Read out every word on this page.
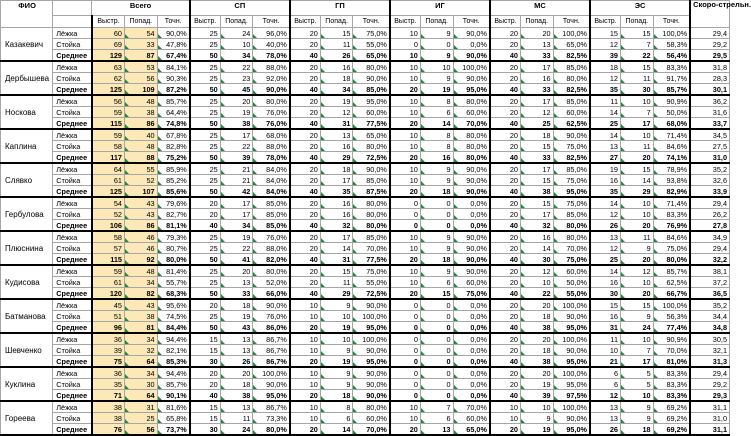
ФИО		Всего			СП			ГП			ИГ			МС			ЭС			Скоро-стрельн.
		Выстр.	Попад.	Точн.	Выстр.	Попад.	Точн.	Выстр.	Попад.	Точн.	Выстр.	Попад.	Точн.	Выстр.	Попад.	Точн.	Выстр.	Попад.	Точн.	
Казакевич	Лёжка	60	54	90,0%	25	24	96,0%	20	15	75,0%	10	9	90,0%	20	20	100,0%	15	15	100,0%	29,4
	Стойка	69	33	47,8%	25	10	40,0%	20	11	55,0%	0	0	0,0%	20	13	65,0%	12	7	58,3%	29,2
	Среднее	129	87	67,4%	50	34	78,0%	40	26	65,0%	10	9	90,0%	40	33	82,5%	39	22	56,4%	29,5
Дербышева	Лёжка	63	53	84,1%	25	22	88,0%	20	16	80,0%	10	10	100,0%	20	17	85,0%	18	15	83,3%	31,8
	Стойка	62	56	90,3%	25	23	92,0%	20	18	90,0%	10	9	90,0%	20	16	80,0%	12	11	91,7%	28,3
	Среднее	125	109	87,2%	50	45	90,0%	40	34	85,0%	20	19	95,0%	40	33	82,5%	35	30	85,7%	30,1
Носкова	Лёжка	56	48	85,7%	25	20	80,0%	20	19	95,0%	10	8	80,0%	20	17	85,0%	11	10	90,9%	36,2
	Стойка	59	38	64,4%	25	19	76,0%	20	12	60,0%	10	6	60,0%	20	12	60,0%	14	7	50,0%	31,6
	Среднее	115	86	74,8%	50	38	76,0%	40	31	77,5%	20	14	70,0%	40	25	62,5%	25	17	68,0%	33,7
Каплина	Лёжка	59	40	67,8%	25	17	68,0%	20	13	65,0%	10	8	80,0%	20	18	90,0%	14	10	71,4%	34,5
	Стойка	58	48	82,8%	25	22	88,0%	20	16	80,0%	10	8	80,0%	20	15	75,0%	13	11	84,6%	27,5
	Среднее	117	88	75,2%	50	39	78,0%	40	29	72,5%	20	16	80,0%	40	33	82,5%	27	20	74,1%	31,0
Слявко	Лёжка	64	55	85,9%	25	21	84,0%	20	18	90,0%	10	9	90,0%	20	17	85,0%	19	15	78,9%	35,2
	Стойка	61	52	85,2%	25	21	84,0%	20	17	85,0%	10	9	90,0%	20	15	75,0%	16	14	93,8%	32,6
	Среднее	125	107	85,6%	50	42	84,0%	40	35	87,5%	20	18	90,0%	40	38	95,0%	35	29	82,9%	33,9
Гербулова	Лёжка	54	43	79,6%	20	17	85,0%	20	16	80,0%	0	0	0,0%	20	15	75,0%	14	10	71,4%	29,4
	Стойка	52	43	82,7%	20	17	85,0%	20	16	80,0%	0	0	0,0%	20	17	85,0%	12	10	83,3%	26,2
	Среднее	106	86	81,1%	40	34	85,0%	40	32	80,0%	0	0	0,0%	40	32	80,0%	26	20	76,9%	27,8
Плюснина	Лёжка	58	46	79,3%	25	19	76,0%	20	17	85,0%	10	9	90,0%	20	16	80,0%	13	11	84,6%	34,9
	Стойка	57	46	80,7%	25	22	88,0%	20	14	70,0%	10	9	90,0%	20	14	70,0%	12	9	75,0%	29,4
	Среднее	115	92	80,0%	50	41	82,0%	40	31	77,5%	20	18	90,0%	40	30	75,0%	25	20	80,0%	32,2
Кудисова	Лёжка	59	48	81,4%	25	20	80,0%	20	15	75,0%	10	9	90,0%	20	12	60,0%	14	12	85,7%	38,1
	Стойка	61	34	55,7%	25	13	52,0%	20	11	55,0%	10	6	60,0%	20	10	50,0%	16	10	62,5%	37,2
	Среднее	120	82	68,3%	50	33	66,0%	40	29	72,5%	20	15	75,0%	40	22	55,0%	30	20	66,7%	36,5
Батманова	Лёжка	45	43	95,6%	20	18	90,0%	10	9	90,0%	0	0	0,0%	20	20	100,0%	15	15	100,0%	35,2
	Стойка	51	38	74,5%	25	19	76,0%	10	10	100,0%	0	0	0,0%	20	18	90,0%	16	9	56,3%	34,4
	Среднее	96	81	84,4%	50	43	86,0%	20	19	95,0%	0	0	0,0%	40	38	95,0%	31	24	77,4%	34,8
Шевченко	Лёжка	36	34	94,4%	15	13	86,7%	10	10	100,0%	0	0	0,0%	20	20	100,0%	11	10	90,9%	30,5
	Стойка	39	32	82,1%	15	13	86,7%	10	9	90,0%	0	0	0,0%	20	18	90,0%	10	7	70,0%	32,1
	Среднее	75	64	85,3%	30	26	86,7%	20	19	95,0%	0	0	0,0%	40	38	95,0%	21	17	81,0%	31,3
Куклина	Лёжка	36	34	94,4%	20	20	100,0%	10	9	90,0%	0	0	0,0%	20	20	100,0%	6	5	83,3%	29,4
	Стойка	35	30	85,7%	20	18	90,0%	10	9	90,0%	0	0	0,0%	20	19	95,0%	6	5	83,3%	29,2
	Среднее	71	64	90,1%	40	38	95,0%	20	18	90,0%	0	0	0,0%	40	39	97,5%	12	10	83,3%	29,3
Гореева	Лёжка	38	31	81,6%	15	13	86,7%	10	8	80,0%	10	7	70,0%	10	10	100,0%	13	9	69,2%	31,1
	Стойка	38	25	65,8%	15	11	73,3%	10	6	60,0%	10	6	60,0%	10	9	90,0%	13	9	69,2%	31,0
	Среднее	76	56	73,7%	30	24	80,0%	20	14	70,0%	20	13	65,0%	20	19	95,0%	26	18	69,2%	31,1
